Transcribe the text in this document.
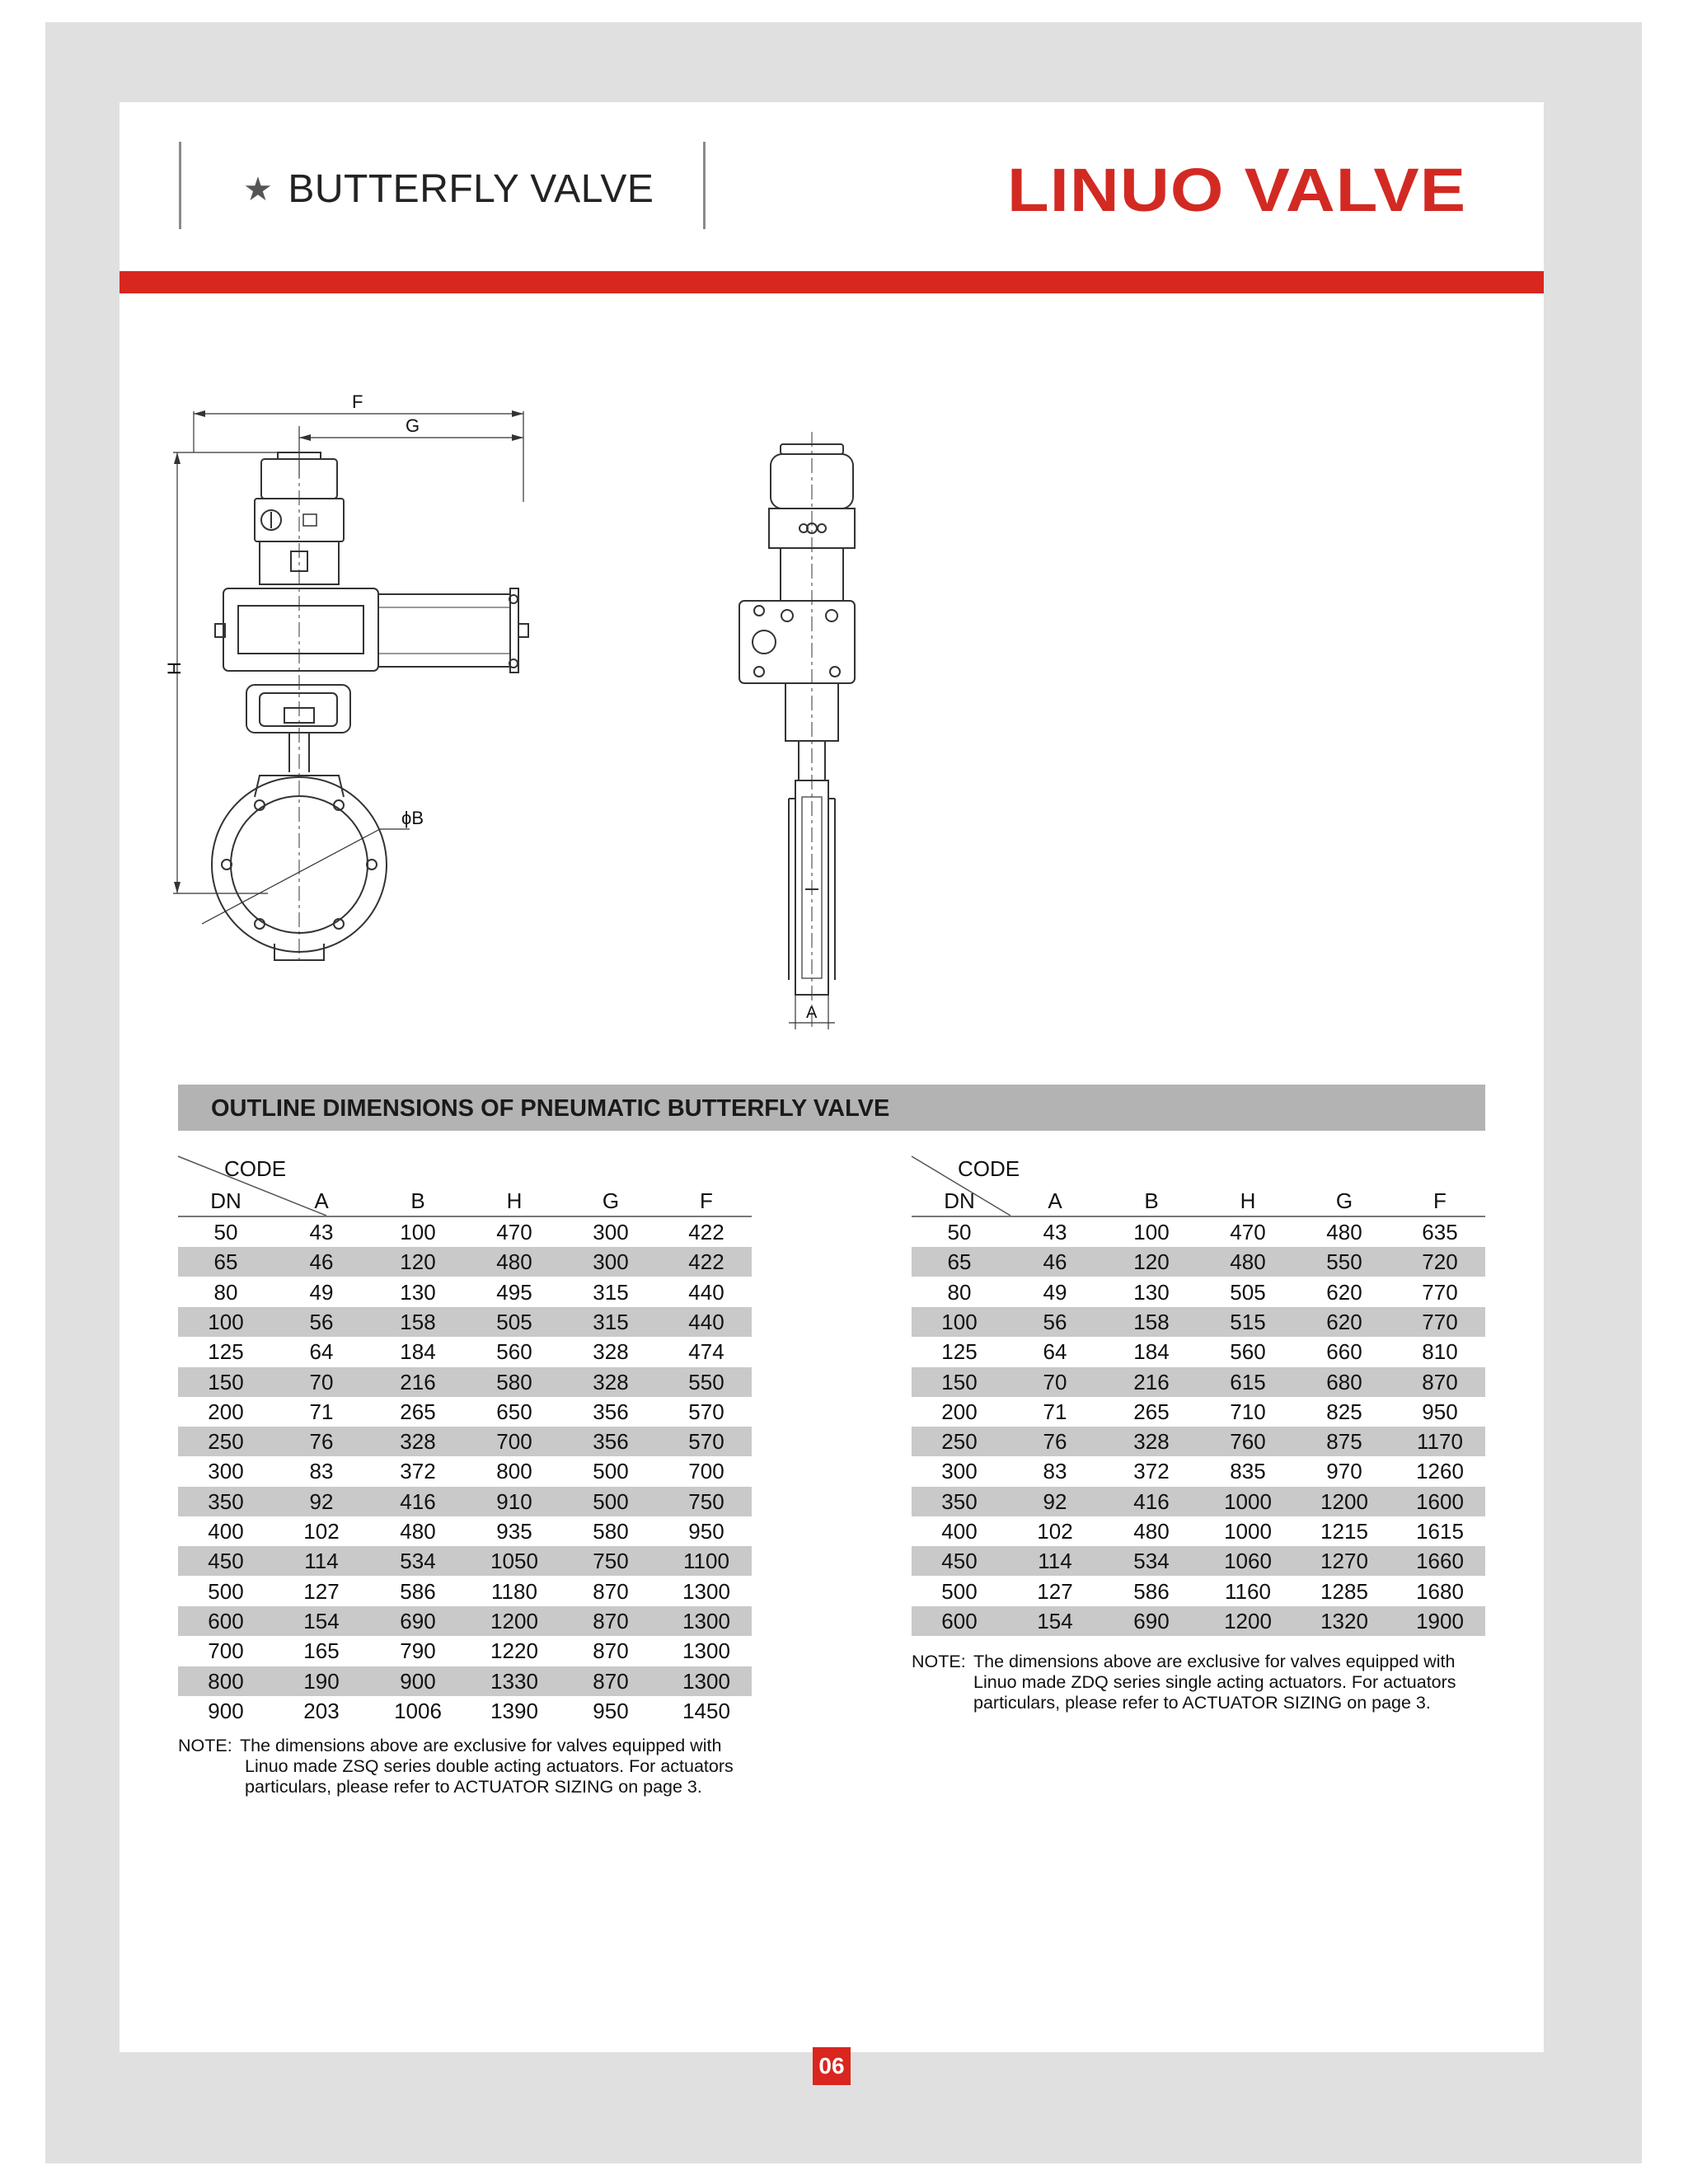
★ BUTTERFLY VALVE	LINUO VALVE
F
G
H
ϕB
A
OUTLINE DIMENSIONS OF PNEUMATIC BUTTERFLY VALVE
CODE
DN	A	B	H	G	F
50	43	100	470	300	422
65	46	120	480	300	422
80	49	130	495	315	440
100	56	158	505	315	440
125	64	184	560	328	474
150	70	216	580	328	550
200	71	265	650	356	570
250	76	328	700	356	570
300	83	372	800	500	700
350	92	416	910	500	750
400	102	480	935	580	950
450	114	534	1050	750	1100
500	127	586	1180	870	1300
600	154	690	1200	870	1300
700	165	790	1220	870	1300
800	190	900	1330	870	1300
900	203	1006	1390	950	1450
NOTE: The dimensions above are exclusive for valves equipped with
Linuo made ZSQ series double acting actuators. For actuators
particulars, please refer to ACTUATOR SIZING on page 3.
CODE
DN	A	B	H	G	F
50	43	100	470	480	635
65	46	120	480	550	720
80	49	130	505	620	770
100	56	158	515	620	770
125	64	184	560	660	810
150	70	216	615	680	870
200	71	265	710	825	950
250	76	328	760	875	1170
300	83	372	835	970	1260
350	92	416	1000	1200	1600
400	102	480	1000	1215	1615
450	114	534	1060	1270	1660
500	127	586	1160	1285	1680
600	154	690	1200	1320	1900
NOTE: The dimensions above are exclusive for valves equipped with
Linuo made ZDQ series single acting actuators. For actuators
particulars, please refer to ACTUATOR SIZING on page 3.
06
